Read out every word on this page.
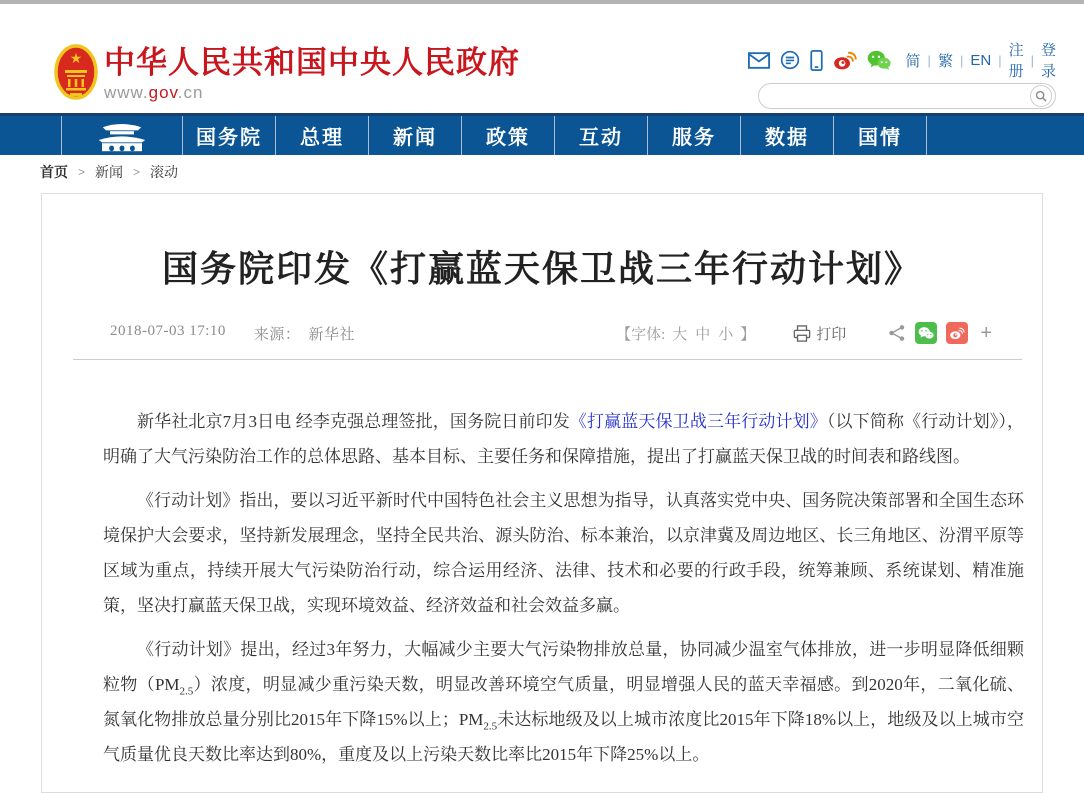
★ 中华人民共和国中央人民政府
www.gov.cn
简 | 繁 | EN |
注册
|
登录
国务院	总理	新闻	政策	互动	服务	数据	国情
首页 > 新闻 > 滚动
国务院印发《打赢蓝天保卫战三年行动计划》
2018-07-03 17:10 来源： 新华社	【字体: 大 中 小 】	打印	+

新华社北京7月3日电 经李克强总理签批，国务院日前印发《打赢蓝天保卫战三年行动计划》（以下简称《行动计划》），明确了大气污染防治工作的总体思路、基本目标、主要任务和保障措施，提出了打赢蓝天保卫战的时间表和路线图。

《行动计划》指出，要以习近平新时代中国特色社会主义思想为指导，认真落实党中央、国务院决策部署和全国生态环境保护大会要求，坚持新发展理念，坚持全民共治、源头防治、标本兼治，以京津冀及周边地区、长三角地区、汾渭平原等区域为重点，持续开展大气污染防治行动，综合运用经济、法律、技术和必要的行政手段，统筹兼顾、系统谋划、精准施策，坚决打赢蓝天保卫战，实现环境效益、经济效益和社会效益多赢。

《行动计划》提出，经过3年努力，大幅减少主要大气污染物排放总量，协同减少温室气体排放，进一步明显降低细颗粒物$(PM_{2.5})$浓度，明显减少重污染天数，明显改善环境空气质量，明显增强人民的蓝天幸福感。到2020年，二氧化硫、氮氧化物排放总量分别比2015年下降15%以上；$PM_{2.5}$未达标地级及以上城市浓度比2015年下降18%以上，地级及以上城市空气质量优良天数比率达到80%，重度及以上污染天数比率比2015年下降25%以上。
